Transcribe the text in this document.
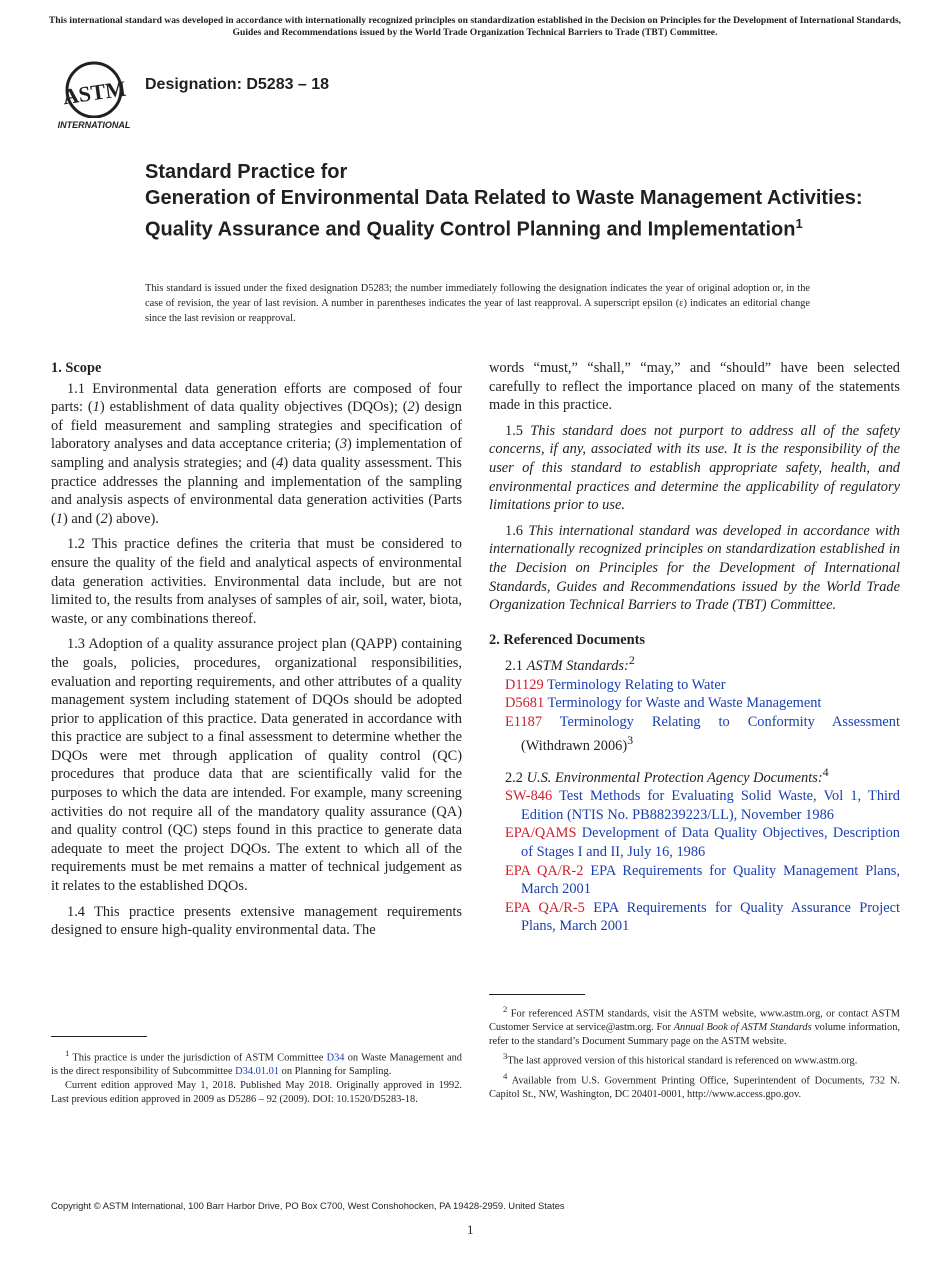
This international standard was developed in accordance with internationally recognized principles on standardization established in the Decision on Principles for the Development of International Standards, Guides and Recommendations issued by the World Trade Organization Technical Barriers to Trade (TBT) Committee.
ASTM
INTERNATIONAL
Designation: D5283 – 18
Standard Practice for
Generation of Environmental Data Related to Waste Management Activities: Quality Assurance and Quality Control Planning and Implementation$^1$
This standard is issued under the fixed designation D5283; the number immediately following the designation indicates the year of original adoption or, in the case of revision, the year of last revision. A number in parentheses indicates the year of last reapproval. A superscript epsilon (ε) indicates an editorial change since the last revision or reapproval.
1. Scope

1.1 Environmental data generation efforts are composed of four parts: (1) establishment of data quality objectives (DQOs); (2) design of field measurement and sampling strategies and specification of laboratory analyses and data acceptance criteria; (3) implementation of sampling and analysis strategies; and (4) data quality assessment. This practice addresses the planning and implementation of the sampling and analysis aspects of environmental data generation activities (Parts (1) and (2) above).

1.2 This practice defines the criteria that must be considered to ensure the quality of the field and analytical aspects of environmental data generation activities. Environmental data include, but are not limited to, the results from analyses of samples of air, soil, water, biota, waste, or any combinations thereof.

1.3 Adoption of a quality assurance project plan (QAPP) containing the goals, policies, procedures, organizational responsibilities, evaluation and reporting requirements, and other attributes of a quality management system including statement of DQOs should be adopted prior to application of this practice. Data generated in accordance with this practice are subject to a final assessment to determine whether the DQOs were met through application of quality control (QC) procedures that produce data that are scientifically valid for the purposes to which the data are intended. For example, many screening activities do not require all of the mandatory quality assurance (QA) and quality control (QC) steps found in this practice to generate data adequate to meet the project DQOs. The extent to which all of the requirements must be met remains a matter of technical judgement as it relates to the established DQOs.

1.4 This practice presents extensive management requirements designed to ensure high-quality environmental data. The

$^1$ This practice is under the jurisdiction of ASTM Committee D34 on Waste Management and is the direct responsibility of Subcommittee D34.01.01 on Planning for Sampling.

Current edition approved May 1, 2018. Published May 2018. Originally approved in 1992. Last previous edition approved in 2009 as D5286 – 92 (2009). DOI: 10.1520/D5283-18.

words “must,” “shall,” “may,” and “should” have been selected carefully to reflect the importance placed on many of the statements made in this practice.

1.5 This standard does not purport to address all of the safety concerns, if any, associated with its use. It is the responsibility of the user of this standard to establish appropriate safety, health, and environmental practices and determine the applicability of regulatory limitations prior to use.

1.6 This international standard was developed in accordance with internationally recognized principles on standardization established in the Decision on Principles for the Development of International Standards, Guides and Recommendations issued by the World Trade Organization Technical Barriers to Trade (TBT) Committee.

2. Referenced Documents

2.1 ASTM Standards:$^2$

D1129 Terminology Relating to Water

D5681 Terminology for Waste and Waste Management

E1187 Terminology Relating to Conformity Assessment (Withdrawn 2006)$^3$

2.2 U.S. Environmental Protection Agency Documents:$^4$

SW-846 Test Methods for Evaluating Solid Waste, Vol 1, Third Edition (NTIS No. PB88239223/LL), November 1986

EPA/QAMS Development of Data Quality Objectives, Description of Stages I and II, July 16, 1986

EPA QA/R-2 EPA Requirements for Quality Management Plans, March 2001

EPA QA/R-5 EPA Requirements for Quality Assurance Project Plans, March 2001

$^2$ For referenced ASTM standards, visit the ASTM website, www.astm.org, or contact ASTM Customer Service at service@astm.org. For Annual Book of ASTM Standards volume information, refer to the standard’s Document Summary page on the ASTM website.

$^3$The last approved version of this historical standard is referenced on www.astm.org.

$^4$ Available from U.S. Government Printing Office, Superintendent of Documents, 732 N. Capitol St., NW, Washington, DC 20401-0001, http://www.access.gpo.gov.

Copyright © ASTM International, 100 Barr Harbor Drive, PO Box C700, West Conshohocken, PA 19428-2959. United States
1
